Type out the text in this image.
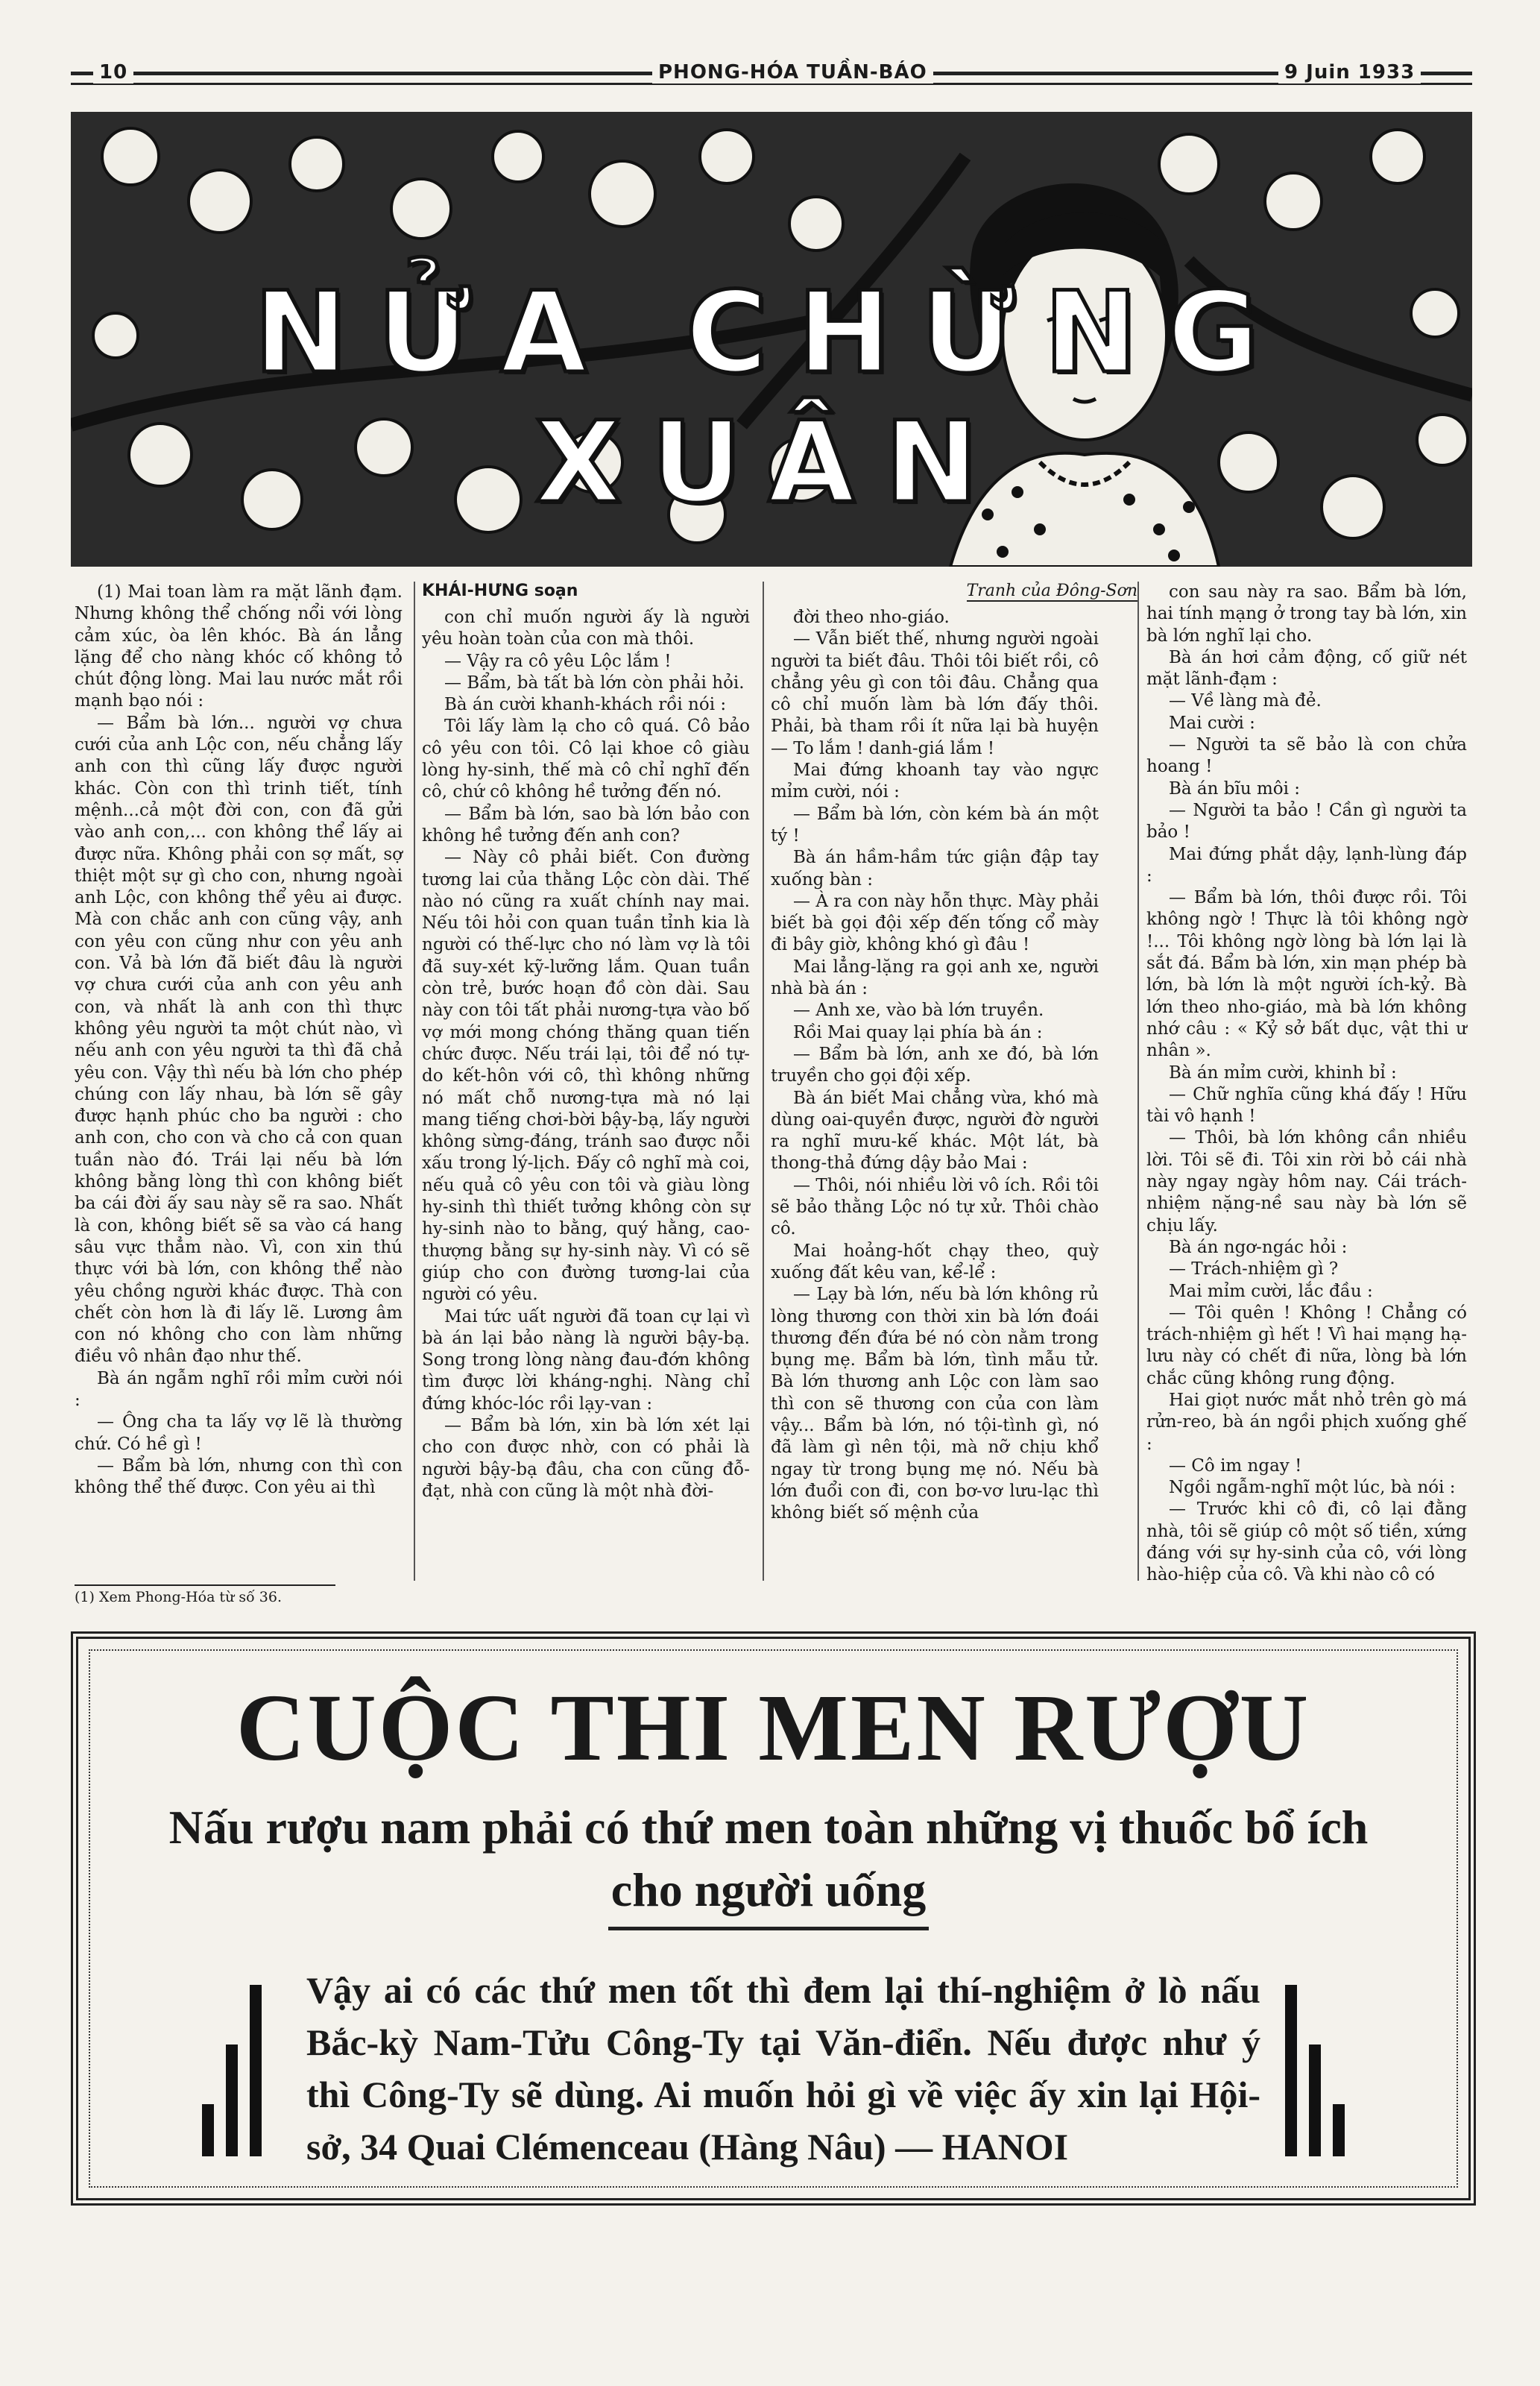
10	PHONG-HÓA TUẦN-BÁO	9 Juin 1933
NỬA CHỪNG XUÂN
KHÁI-HƯNG soạn	Tranh của Đông-Sơn

(1) Mai toan làm ra mặt lãnh đạm. Nhưng không thể chống nổi với lòng cảm xúc, òa lên khóc. Bà án lẳng lặng để cho nàng khóc cố không tỏ chút động lòng. Mai lau nước mắt rồi mạnh bạo nói :

— Bẩm bà lớn... người vợ chưa cưới của anh Lộc con, nếu chẳng lấy anh con thì cũng lấy được người khác. Còn con thì trinh tiết, tính mệnh...cả một đời con, con đã gửi vào anh con,... con không thể lấy ai được nữa. Không phải con sợ mất, sợ thiệt một sự gì cho con, nhưng ngoài anh Lộc, con không thể yêu ai được. Mà con chắc anh con cũng vậy, anh con yêu con cũng như con yêu anh con. Vả bà lớn đã biết đâu là người vợ chưa cưới của anh con yêu anh con, và nhất là anh con thì thực không yêu người ta một chút nào, vì nếu anh con yêu người ta thì đã chả yêu con. Vậy thì nếu bà lớn cho phép chúng con lấy nhau, bà lớn sẽ gây được hạnh phúc cho ba người : cho anh con, cho con và cho cả con quan tuần nào đó. Trái lại nếu bà lớn không bằng lòng thì con không biết ba cái đời ấy sau này sẽ ra sao. Nhất là con, không biết sẽ sa vào cá hang sâu vực thẳm nào. Vì, con xin thú thực với bà lớn, con không thể nào yêu chồng người khác được. Thà con chết còn hơn là đi lấy lẽ. Lương âm con nó không cho con làm những điều vô nhân đạo như thế.

Bà án ngẫm nghĩ rồi mỉm cười nói :

— Ông cha ta lấy vợ lẽ là thường chứ. Có hề gì !

— Bẩm bà lớn, nhưng con thì con không thể thế được. Con yêu ai thì

con chỉ muốn người ấy là người yêu hoàn toàn của con mà thôi.

— Vậy ra cô yêu Lộc lắm !

— Bẩm, bà tất bà lớn còn phải hỏi.

Bà án cười khanh-khách rồi nói :

Tôi lấy làm lạ cho cô quá. Cô bảo cô yêu con tôi. Cô lại khoe cô giàu lòng hy-sinh, thế mà cô chỉ nghĩ đến cô, chứ cô không hề tưởng đến nó.

— Bẩm bà lớn, sao bà lớn bảo con không hề tưởng đến anh con?

— Này cô phải biết. Con đường tương lai của thằng Lộc còn dài. Thế nào nó cũng ra xuất chính nay mai. Nếu tôi hỏi con quan tuần tỉnh kia là người có thế-lực cho nó làm vợ là tôi đã suy-xét kỹ-lưỡng lắm. Quan tuần còn trẻ, bước hoạn đồ còn dài. Sau này con tôi tất phải nương-tựa vào bố vợ mới mong chóng thăng quan tiến chức được. Nếu trái lại, tôi để nó tự-do kết-hôn với cô, thì không những nó mất chỗ nương-tựa mà nó lại mang tiếng chơi-bời bậy-bạ, lấy người không sừng-đáng, tránh sao được nỗi xấu trong lý-lịch. Đấy cô nghĩ mà coi, nếu quả cô yêu con tôi và giàu lòng hy-sinh thì thiết tưởng không còn sự hy-sinh nào to bằng, quý hằng, cao-thượng bằng sự hy-sinh này. Vì có sẽ giúp cho con đường tương-lai của người có yêu.

Mai tức uất người đã toan cự lại vì bà án lại bảo nàng là người bậy-bạ. Song trong lòng nàng đau-đớn không tìm được lời kháng-nghị. Nàng chỉ đứng khóc-lóc rồi lạy-van :

— Bẩm bà lớn, xin bà lớn xét lại cho con được nhờ, con có phải là người bậy-bạ đâu, cha con cũng đỗ-đạt, nhà con cũng là một nhà đời-

đời theo nho-giáo.

— Vẫn biết thế, nhưng người ngoài người ta biết đâu. Thôi tôi biết rồi, cô chẳng yêu gì con tôi đâu. Chẳng qua cô chỉ muốn làm bà lớn đấy thôi. Phải, bà tham rồi ít nữa lại bà huyện — To lắm ! danh-giá lắm !

Mai đứng khoanh tay vào ngực mỉm cười, nói :

— Bẩm bà lớn, còn kém bà án một tý !

Bà án hầm-hầm tức giận đập tay xuống bàn :

— À ra con này hỗn thực. Mày phải biết bà gọi đội xếp đến tống cổ mày đi bây giờ, không khó gì đâu !

Mai lẳng-lặng ra gọi anh xe, người nhà bà án :

— Anh xe, vào bà lớn truyền.

Rồi Mai quay lại phía bà án :

— Bẩm bà lớn, anh xe đó, bà lớn truyền cho gọi đội xếp.

Bà án biết Mai chẳng vừa, khó mà dùng oai-quyền được, người đờ người ra nghĩ mưu-kế khác. Một lát, bà thong-thả đứng dậy bảo Mai :

— Thôi, nói nhiều lời vô ích. Rồi tôi sẽ bảo thằng Lộc nó tự xử. Thôi chào cô.

Mai hoảng-hốt chạy theo, quỳ xuống đất kêu van, kể-lể :

— Lạy bà lớn, nếu bà lớn không rủ lòng thương con thời xin bà lớn đoái thương đến đứa bé nó còn nằm trong bụng mẹ. Bẩm bà lớn, tình mẫu tử. Bà lớn thương anh Lộc con làm sao thì con sẽ thương con của con làm vậy... Bẩm bà lớn, nó tội-tình gì, nó đã làm gì nên tội, mà nỡ chịu khổ ngay từ trong bụng mẹ nó. Nếu bà lớn đuổi con đi, con bơ-vơ lưu-lạc thì không biết số mệnh của

con sau này ra sao. Bẩm bà lớn, hai tính mạng ở trong tay bà lớn, xin bà lớn nghĩ lại cho.

Bà án hơi cảm động, cố giữ nét mặt lãnh-đạm :

— Về làng mà đẻ.

Mai cười :

— Người ta sẽ bảo là con chửa hoang !

Bà án bĩu môi :

— Người ta bảo ! Cần gì người ta bảo !

Mai đứng phắt dậy, lạnh-lùng đáp :

— Bẩm bà lớn, thôi được rồi. Tôi không ngờ ! Thực là tôi không ngờ !... Tôi không ngờ lòng bà lớn lại là sắt đá. Bẩm bà lớn, xin mạn phép bà lớn, bà lớn là một người ích-kỷ. Bà lớn theo nho-giáo, mà bà lớn không nhớ câu : « Kỷ sở bất dục, vật thi ư nhân ».

Bà án mỉm cười, khinh bỉ :

— Chữ nghĩa cũng khá đấy ! Hữu tài vô hạnh !

— Thôi, bà lớn không cần nhiều lời. Tôi sẽ đi. Tôi xin rời bỏ cái nhà này ngay ngày hôm nay. Cái trách-nhiệm nặng-nề sau này bà lớn sẽ chịu lấy.

Bà án ngơ-ngác hỏi :

— Trách-nhiệm gì ?

Mai mỉm cười, lắc đầu :

— Tôi quên ! Không ! Chẳng có trách-nhiệm gì hết ! Vì hai mạng hạ-lưu này có chết đi nữa, lòng bà lớn chắc cũng không rung động.

Hai giọt nước mắt nhỏ trên gò má rửn-reo, bà án ngồi phịch xuống ghế :

— Cô im ngay !

Ngồi ngẫm-nghĩ một lúc, bà nói :

— Trước khi cô đi, cô lại đằng nhà, tôi sẽ giúp cô một số tiền, xứng đáng với sự hy-sinh của cô, với lòng hào-hiệp của cô. Và khi nào cô có

(1) Xem Phong-Hóa từ số 36.
CUỘC THI MEN RƯỢU
Nấu rượu nam phải có thứ men toàn những vị thuốc bổ ích cho người uống
Vậy ai có các thứ men tốt thì đem lại thí-nghiệm ở lò nấu Bắc-kỳ Nam-Tửu Công-Ty tại Văn-điển. Nếu được như ý thì Công-Ty sẽ dùng. Ai muốn hỏi gì về việc ấy xin lại Hội-sở, 34 Quai Clémenceau (Hàng Nâu) — HANOI
